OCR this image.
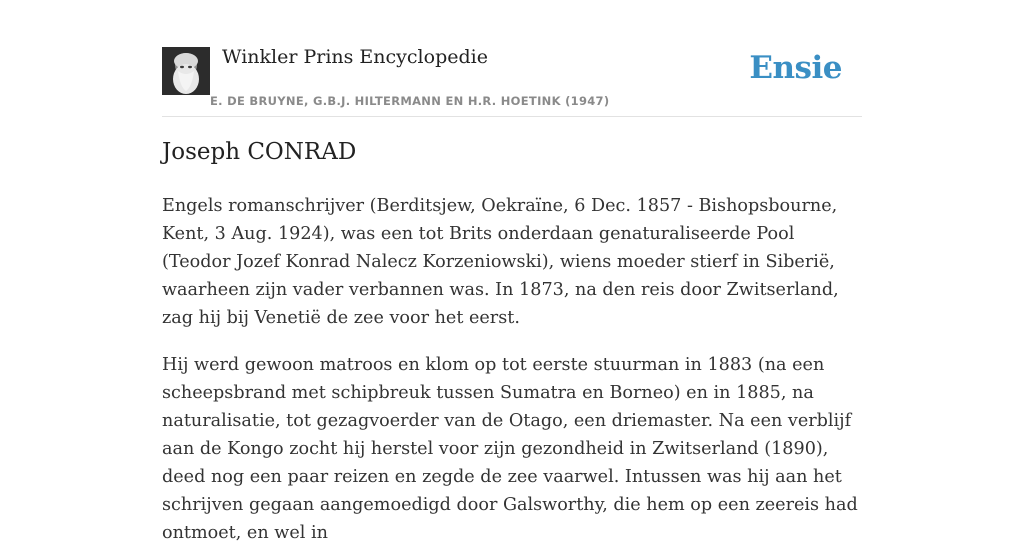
Winkler Prins Encyclopedie
E. DE BRUYNE, G.B.J. HILTERMANN EN H.R. HOETINK (1947)
Ensie
Joseph CONRAD

Engels romanschrijver (Berditsjew, Oekraïne, 6 Dec. 1857 - Bishopsbourne, Kent, 3 Aug. 1924), was een tot Brits onderdaan genaturaliseerde Pool (Teodor Jozef Konrad Nalecz Korzeniowski), wiens moeder stierf in Siberië, waarheen zijn vader verbannen was. In 1873, na den reis door Zwitserland, zag hij bij Venetië de zee voor het eerst.

Hij werd gewoon matroos en klom op tot eerste stuurman in 1883 (na een scheepsbrand met schipbreuk tussen Sumatra en Borneo) en in 1885, na naturalisatie, tot gezagvoerder van de Otago, een driemaster. Na een verblijf aan de Kongo zocht hij herstel voor zijn gezondheid in Zwitserland (1890), deed nog een paar reizen en zegde de zee vaarwel. Intussen was hij aan het schrijven gegaan aangemoedigd door Galsworthy, die hem op een zeereis had ontmoet, en wel in
